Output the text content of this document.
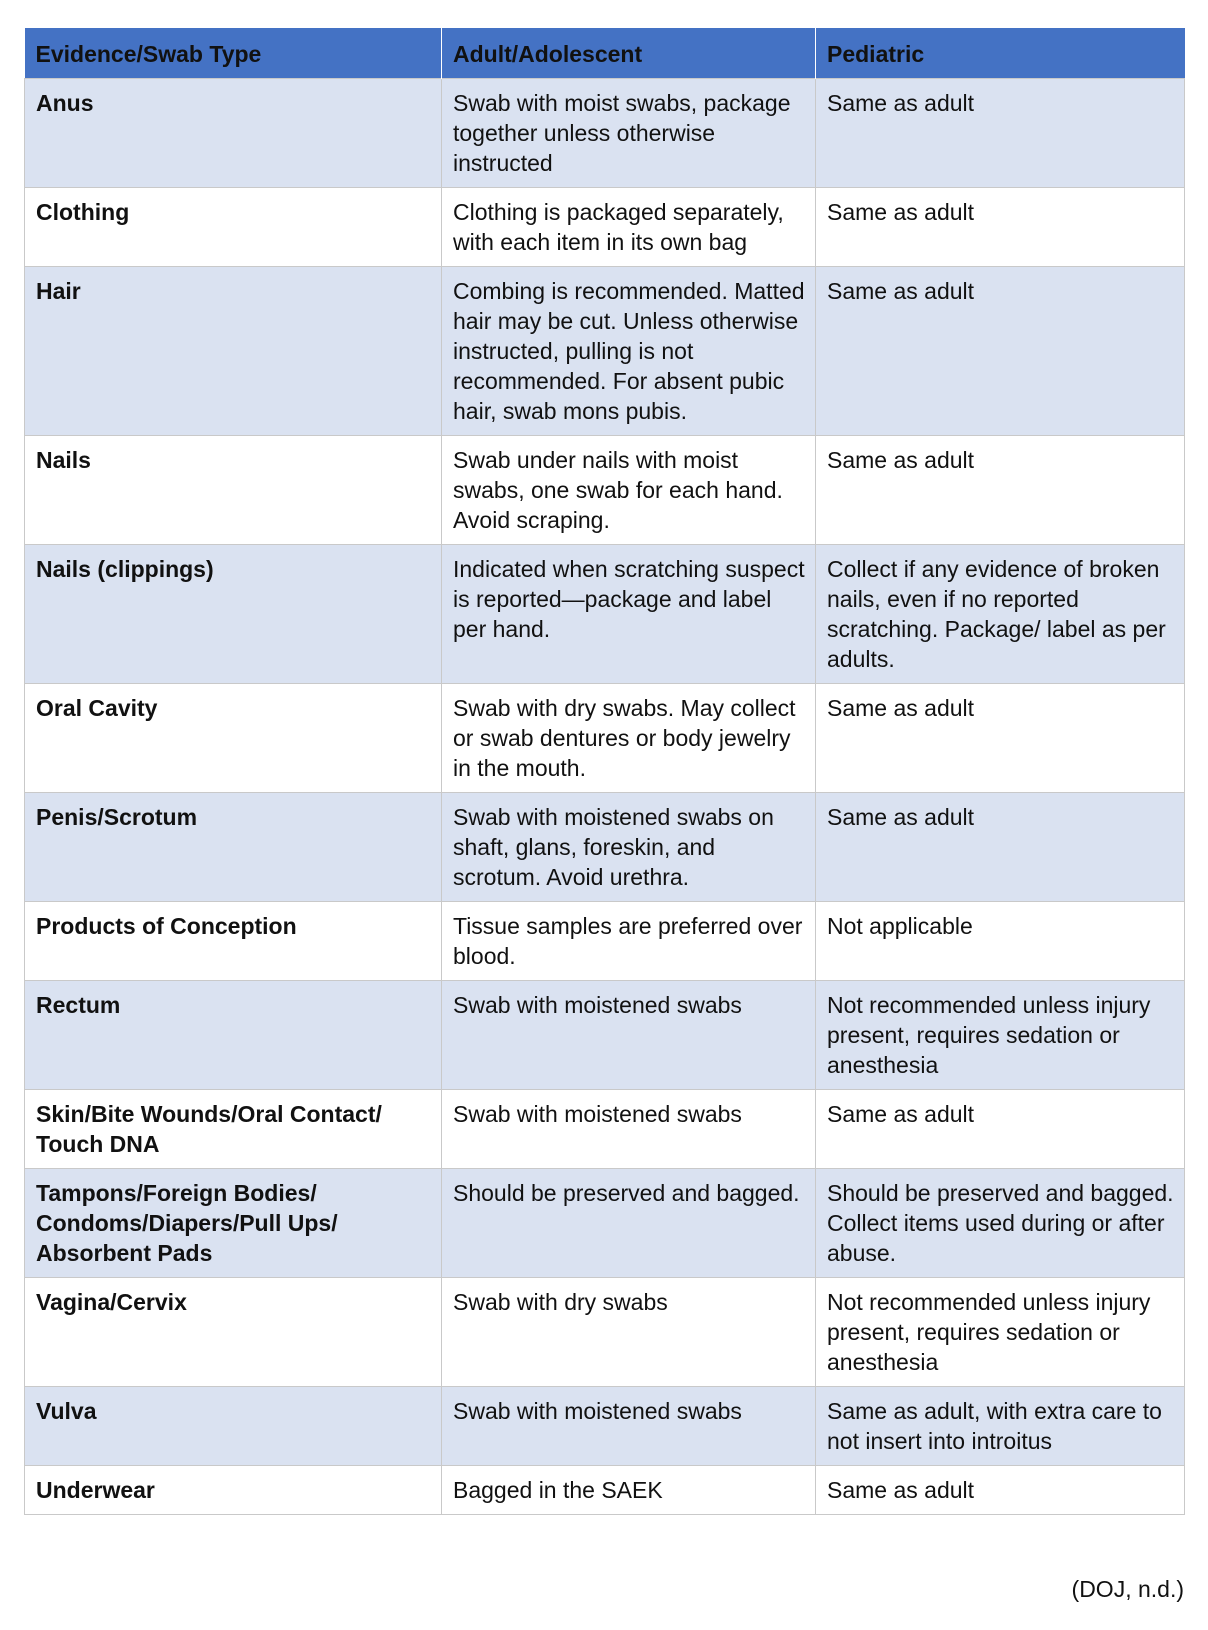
Evidence/Swab Type	Adult/Adolescent	Pediatric
Anus	Swab with moist swabs, package together unless otherwise instructed	Same as adult
Clothing	Clothing is packaged separately, with each item in its own bag	Same as adult
Hair	Combing is recommended. Matted hair may be cut. Unless otherwise instructed, pulling is not recommended. For absent pubic hair, swab mons pubis.	Same as adult
Nails	Swab under nails with moist swabs, one swab for each hand. Avoid scraping.	Same as adult
Nails (clippings)	Indicated when scratching suspect is reported—package and label per hand.	Collect if any evidence of broken nails, even if no reported scratching. Package/ label as per adults.
Oral Cavity	Swab with dry swabs. May collect or swab dentures or body jewelry in the mouth.	Same as adult
Penis/Scrotum	Swab with moistened swabs on shaft, glans, foreskin, and scrotum. Avoid urethra.	Same as adult
Products of Conception	Tissue samples are preferred over blood.	Not applicable
Rectum	Swab with moistened swabs	Not recommended unless injury present, requires sedation or anesthesia
Skin/Bite Wounds/Oral Contact/ Touch DNA	Swab with moistened swabs	Same as adult
Tampons/Foreign Bodies/ Condoms/Diapers/Pull Ups/ Absorbent Pads	Should be preserved and bagged.	Should be preserved and bagged. Collect items used during or after abuse.
Vagina/Cervix	Swab with dry swabs	Not recommended unless injury present, requires sedation or anesthesia
Vulva	Swab with moistened swabs	Same as adult, with extra care to not insert into introitus
Underwear	Bagged in the SAEK	Same as adult
(DOJ, n.d.)
